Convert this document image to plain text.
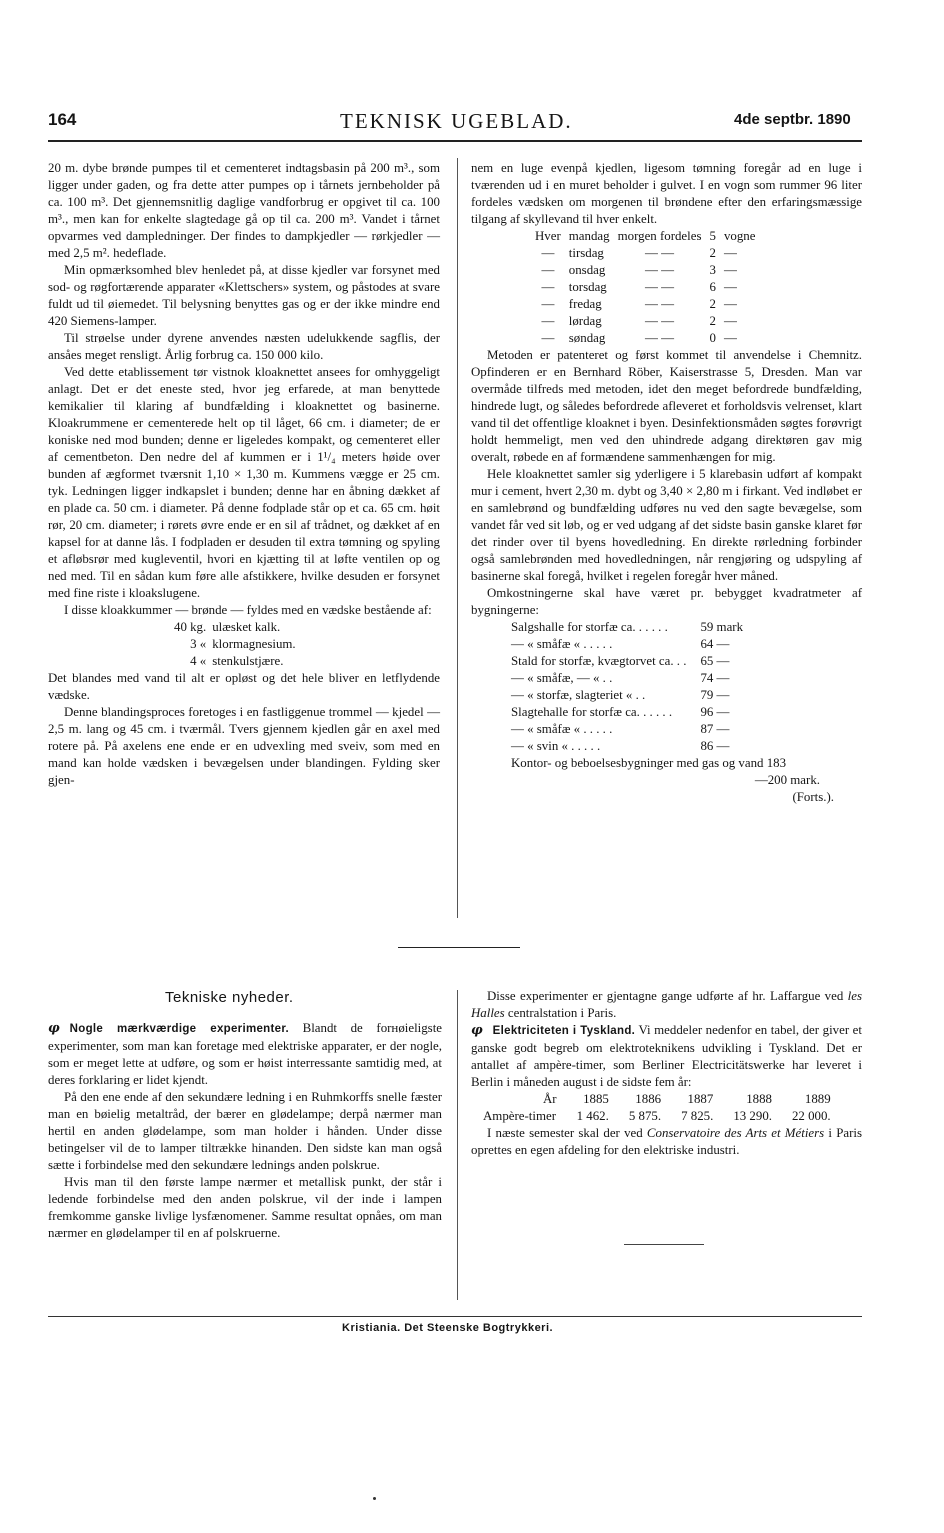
164	TEKNISK UGEBLAD.	4de septbr. 1890

20 m. dybe brønde pumpes til et cementeret indtagsbasin på 200 m³., som ligger under gaden, og fra dette atter pumpes op i tårnets jernbeholder på ca. 100 m³. Det gjennemsnitlig daglige vandforbrug er opgivet til ca. 100 m³., men kan for enkelte slagtedage gå op til ca. 200 m³. Vandet i tårnet opvarmes ved dampledninger. Der findes to dampkjedler — rørkjedler — med 2,5 m². hedeflade.

Min opmærksomhed blev henledet på, at disse kjedler var forsynet med sod- og røgfortærende apparater «Klettschers» system, og påstodes at svare fuldt ud til øiemedet. Til belysning benyttes gas og er der ikke mindre end 420 Siemens-lamper.

Til strøelse under dyrene anvendes næsten udelukkende sagflis, der ansåes meget rensligt. Årlig forbrug ca. 150 000 kilo.

Ved dette etablissement tør vistnok kloaknettet ansees for omhyggeligt anlagt. Det er det eneste sted, hvor jeg erfarede, at man benyttede kemikalier til klaring af bundfælding i kloaknettet og basinerne. Kloakrummene er cementerede helt op til låget, 66 cm. i diameter; de er koniske ned mod bunden; denne er ligeledes kompakt, og cementeret eller af cementbeton. Den nedre del af kummen er i 1¹/₄ meters høide over bunden af ægformet tværsnit 1,10 × 1,30 m. Kummens vægge er 25 cm. tyk. Ledningen ligger indkapslet i bunden; denne har en åbning dækket af en plade ca. 50 cm. i diameter. På denne fodplade står op et ca. 65 cm. høit rør, 20 cm. diameter; i rørets øvre ende er en sil af trådnet, og dækket af en kapsel for at danne lås. I fodpladen er desuden til extra tømning og spyling et afløbsrør med kugleventil, hvori en kjætting til at løfte ventilen op og ned med. Til en sådan kum føre alle afstikkere, hvilke desuden er forsynet med fine riste i kloakslugene.

I disse kloakkummer — brønde — fyldes med en vædske bestående af:

40 kg.	ulæsket kalk.
3 «	klormagnesium.
4 «	stenkulstjære.

Det blandes med vand til alt er opløst og det hele bliver en letflydende vædske.

Denne blandingsproces foretoges i en fastliggenue trommel — kjedel — 2,5 m. lang og 45 cm. i tværmål. Tvers gjennem kjedlen går en axel med rotere på. På axelens ene ende er en udvexling med sveiv, som med en mand kan holde vædsken i bevægelsen under blandingen. Fylding sker gjen-

nem en luge evenpå kjedlen, ligesom tømning foregår ad en luge i tværenden ud i en muret beholder i gulvet. I en vogn som rummer 96 liter fordeles vædsken om morgenen til brøndene efter den erfaringsmæssige tilgang af skyllevand til hver enkelt.

Hver	mandag	morgen fordeles	5	vogne
—	tirsdag	— —	2	—
—	onsdag	— —	3	—
—	torsdag	— —	6	—
—	fredag	— —	2	—
—	lørdag	— —	2	—
—	søndag	— —	0	—

Metoden er patenteret og først kommet til anvendelse i Chemnitz. Opfinderen er en Bernhard Röber, Kaiserstrasse 5, Dresden. Man var overmåde tilfreds med metoden, idet den meget befordrede bundfælding, hindrede lugt, og således befordrede afleveret et forholdsvis velrenset, klart vand til det offentlige kloaknet i byen. Desinfektionsmåden søgtes forøvrigt holdt hemmeligt, men ved den uhindrede adgang direktøren gav mig overalt, røbede en af formændene sammenhængen for mig.

Hele kloaknettet samler sig yderligere i 5 klarebasin udført af kompakt mur i cement, hvert 2,30 m. dybt og 3,40 × 2,80 m i firkant. Ved indløbet er en samlebrønd og bundfælding udføres nu ved den sagte bevægelse, som vandet får ved sit løb, og er ved udgang af det sidste basin ganske klaret før det rinder over til byens hovedledning. En direkte rørledning forbinder også samlebrønden med hovedledningen, når rengjøring og udspyling af basinerne skal foregå, hvilket i regelen foregår hver måned.

Omkostningerne skal have været pr. bebygget kvadratmeter af bygningerne:

Salgshalle for storfæ ca. . . . . .	59 mark
— « småfæ « . . . . .	64 —
Stald for storfæ, kvægtorvet ca. . .	65 —
— « småfæ, — « . .	74 —
— « storfæ, slagteriet « . .	79 —
Slagtehalle for storfæ ca. . . . . .	96 —
— « småfæ « . . . . .	87 —
— « svin « . . . . .	86 —
Kontor- og beboelsesbygninger med gas og vand 183
—200 mark.
(Forts.).
Tekniske nyheder.

φ Nogle mærkværdige experimenter. Blandt de forнøieligste experimenter, som man kan foretage med elektriske apparater, er der nogle, som er meget lette at udføre, og som er høist interressante samtidig med, at deres forklaring er lidet kjendt.

På den ene ende af den sekundære ledning i en Ruhmkorffs snelle fæster man en bøielig metaltråd, der bærer en glødelampe; derpå nærmer man hertil en anden glødelampe, som man holder i hånden. Under disse betingelser vil de to lamper tiltrække hinanden. Den sidste kan man også sætte i forbindelse med den sekundære lednings anden polskrue.

Hvis man til den første lampe nærmer et metallisk punkt, der står i ledende forbindelse med den anden polskrue, vil der inde i lampen fremkomme ganske livlige lysfænomener. Samme resultat opnåes, om man nærmer en glødelamper til en af polskruerne.

Disse experimenter er gjentagne gange udførte af hr. Laffargue ved les Halles centralstation i Paris.

φ Elektriciteten i Tyskland. Vi meddeler nedenfor en tabel, der giver et ganske godt begreb om elektroteknikens udvikling i Tyskland. Det er antallet af ampère-timer, som Berliner Electricitätswerke har leveret i Berlin i måneden august i de sidste fem år:

År	1885	1886	1887	1888	1889
Ampère-timer	1 462.	5 875.	7 825.	13 290.	22 000.

I næste semester skal der ved Conservatoire des Arts et Métiers i Paris oprettes en egen afdeling for den elektriske industri.

Kristiania. Det Steenske Bogtrykkeri.
